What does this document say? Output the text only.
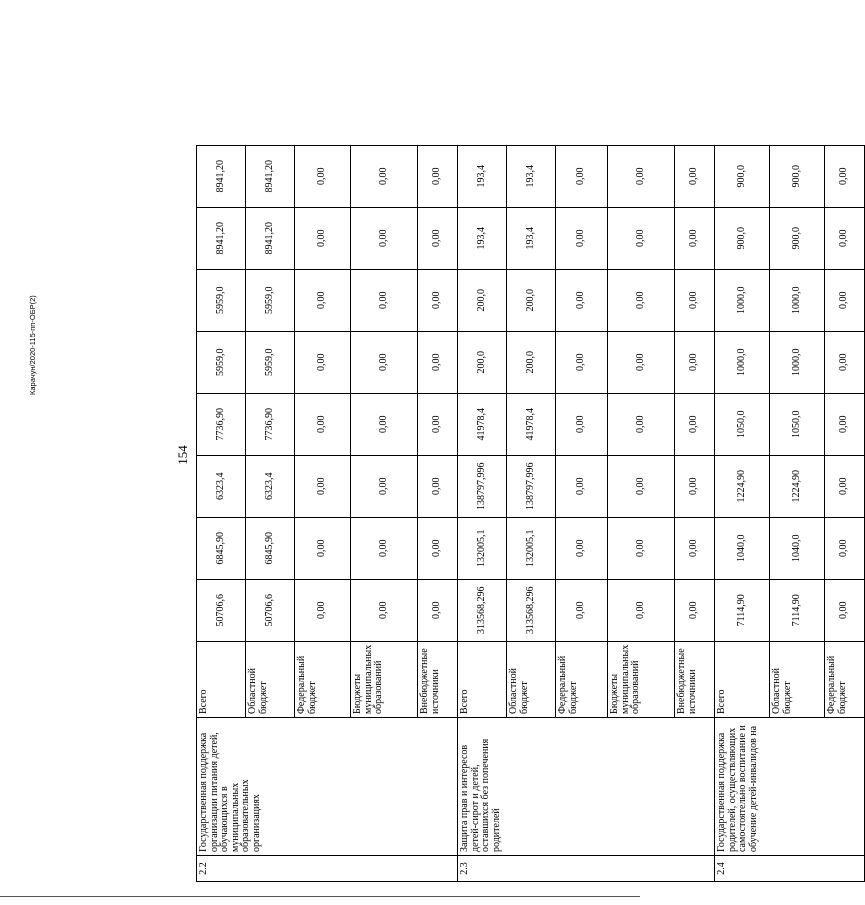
154
2.2	Государственная поддержка организации питания детей, обучающихся в муниципальных образовательных организациях	Всего	50706,6	6845,90	6323,4	7736,90	5959,0	5959,0	8941,20	8941,20
		Областной бюджет	50706,6	6845,90	6323,4	7736,90	5959,0	5959,0	8941,20	8941,20
		Федеральный бюджет	0,00	0,00	0,00	0,00	0,00	0,00	0,00	0,00
		Бюджеты муниципальных образований	0,00	0,00	0,00	0,00	0,00	0,00	0,00	0,00
		Внебюджетные источники	0,00	0,00	0,00	0,00	0,00	0,00	0,00	0,00
2.3	Защита прав и интересов детей-сирот и детей, оставшихся без попечения родителей	Всего	313568,296	132005,1	138797,996	41978,4	200,0	200,0	193,4	193,4
		Областной бюджет	313568,296	132005,1	138797,996	41978,4	200,0	200,0	193,4	193,4
		Федеральный бюджет	0,00	0,00	0,00	0,00	0,00	0,00	0,00	0,00
		Бюджеты муниципальных образований	0,00	0,00	0,00	0,00	0,00	0,00	0,00	0,00
		Внебюджетные источники	0,00	0,00	0,00	0,00	0,00	0,00	0,00	0,00
2.4	Государственная поддержка родителей, осуществляющих самостоятельно воспитание и обучение детей-инвалидов на	Всего	7114,90	1040,0	1224,90	1050,0	1000,0	1000,0	900,0	900,0
		Областной бюджет	7114,90	1040,0	1224,90	1050,0	1000,0	1000,0	900,0	900,0
		Федеральный бюджет	0,00	0,00	0,00	0,00	0,00	0,00	0,00	0,00
Карачун/2020-115-пп-ОБР(2)
